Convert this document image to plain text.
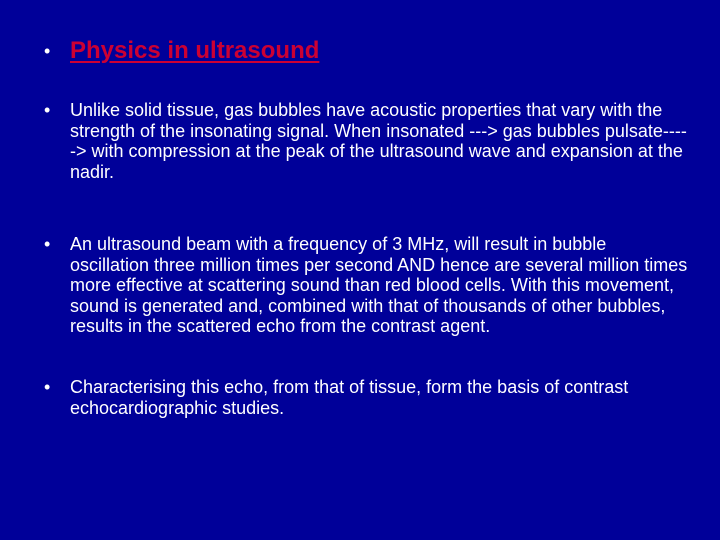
• Physics in ultrasound
•	Unlike solid tissue, gas bubbles have acoustic properties that vary with the strength of the insonating signal. When insonated ---> gas bubbles pulsate-----> with compression at the peak of the ultrasound wave and expansion at the nadir.
•	An ultrasound beam with a frequency of 3 MHz, will result in bubble oscillation three million times per second AND hence are several million times more effective at scattering sound than red blood cells. With this movement, sound is generated and, combined with that of thousands of other bubbles, results in the scattered echo from the contrast agent.
•	Characterising this echo, from that of tissue, form the basis of contrast echocardiographic studies.
